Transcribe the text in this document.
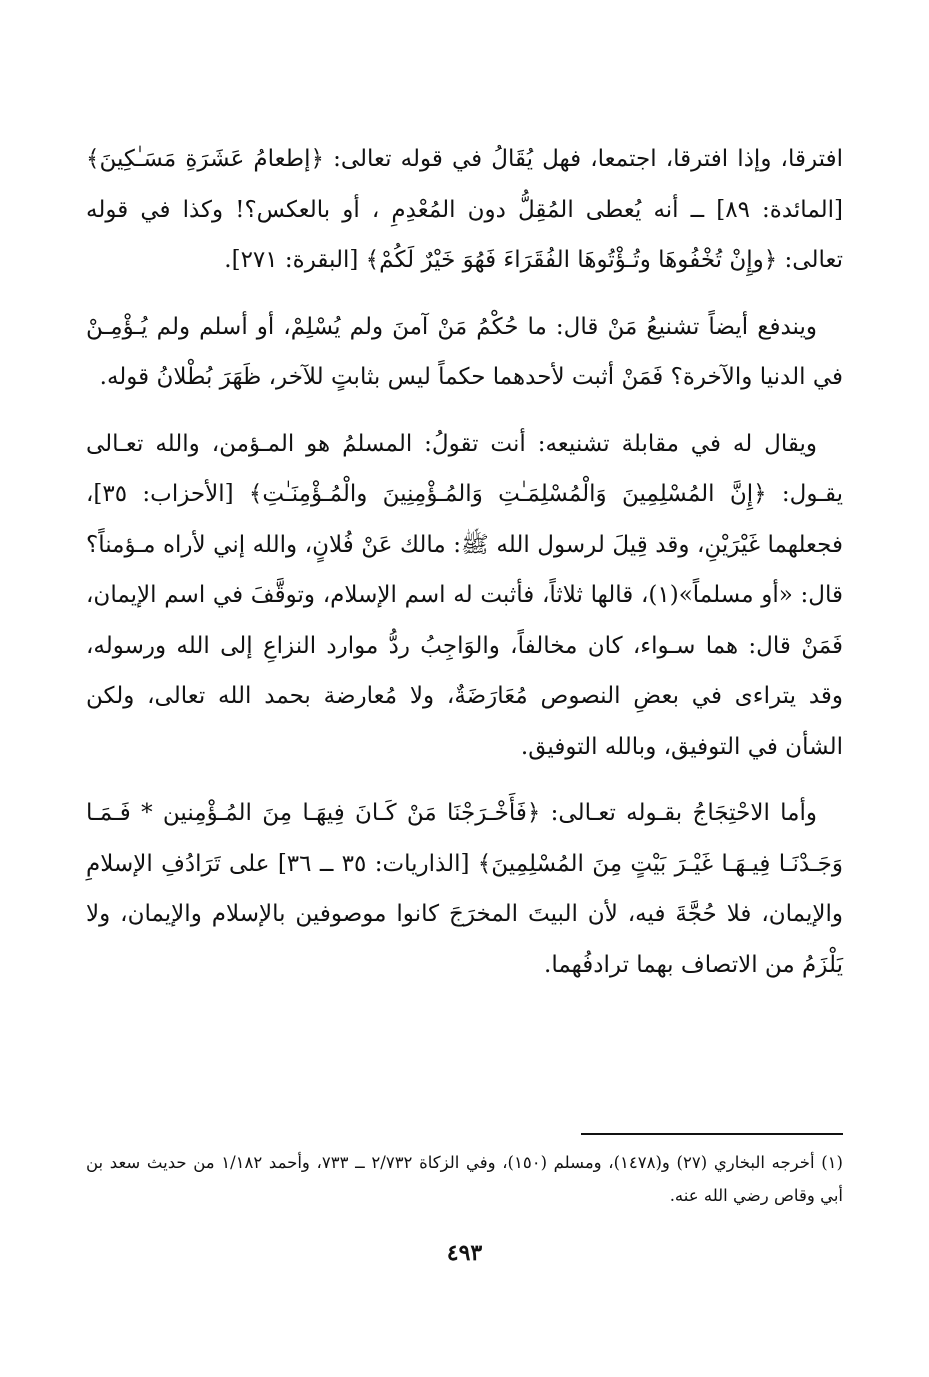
افترقا، وإذا افترقا، اجتمعا، فهل يُقَالُ في قوله تعالى: ﴿إطعامُ عَشَرَةِ مَسَـٰكِينَ﴾ [المائدة: ٨٩] ــ أنه يُعطى المُقِلُّ دون المُعْدِمِ ، أو بالعكس؟! وكذا في قوله تعالى: ﴿وإِنْ تُخْفُوهَا وتُـؤْتُوهَا الفُقَرَاءَ فَهُوَ خَيْرٌ لَكُمْ﴾ [البقرة: ٢٧١].

ويندفع أيضاً تشنيعُ مَنْ قال: ما حُكْمُ مَنْ آمنَ ولم يُسْلِمْ، أو أسلم ولم يُـؤْمِـنْ في الدنيا والآخرة؟ فَمَنْ أثبت لأحدهما حكماً ليس بثابتٍ للآخر، ظَهَرَ بُطْلانُ قوله.

ويقال له في مقابلة تشنيعه: أنت تقولُ: المسلمُ هو المـؤمن، والله تعـالى يقـول: ﴿إِنَّ المُسْلِمِينَ وَالْمُسْلِمَـٰتِ وَالمُـؤْمِنِينَ والْمُـؤْمِنَـٰتِ﴾ [الأحزاب: ٣٥]، فجعلهما غَيْرَيْنِ، وقد قِيلَ لرسول الله ﷺ: مالك عَنْ فُلانٍ، والله إني لأراه مـؤمناً؟ قال: «أو مسلماً»(١)، قالها ثلاثاً، فأثبت له اسم الإسلام، وتوقَّفَ في اسم الإيمان، فَمَنْ قال: هما سـواء، كان مخالفاً، والوَاجِبُ ردُّ موارد النزاعِ إلى الله ورسوله، وقد يتراءى في بعضِ النصوص مُعَارَضَةٌ، ولا مُعارضة بحمد الله تعالى، ولكن الشأن في التوفيق، وبالله التوفيق.

وأما الاحْتِجَاجُ بقـوله تعـالى: ﴿فَأَخْـرَجْنَا مَنْ كَـانَ فِيهَـا مِنَ المُـؤْمِنين * فَـمَـا وَجَـدْنَـا فِيـهَـا غَيْـرَ بَيْتٍ مِنَ المُسْلِمِينَ﴾ [الذاريات: ٣٥ ــ ٣٦] على تَرَادُفِ الإسلامِ والإيمان، فلا حُجَّةَ فيه، لأن البيتَ المخرَجَ كانوا موصوفين بالإسلام والإيمان، ولا يَلْزَمُ من الاتصاف بهما ترادفُهما.

(١) أخرجه البخاري (٢٧) و(١٤٧٨)، ومسلم (١٥٠)، وفي الزكاة ٢/٧٣٢ ــ ٧٣٣، وأحمد ١/١٨٢ من حديث سعد بن أبي وقاص رضي الله عنه.

٤٩٣
